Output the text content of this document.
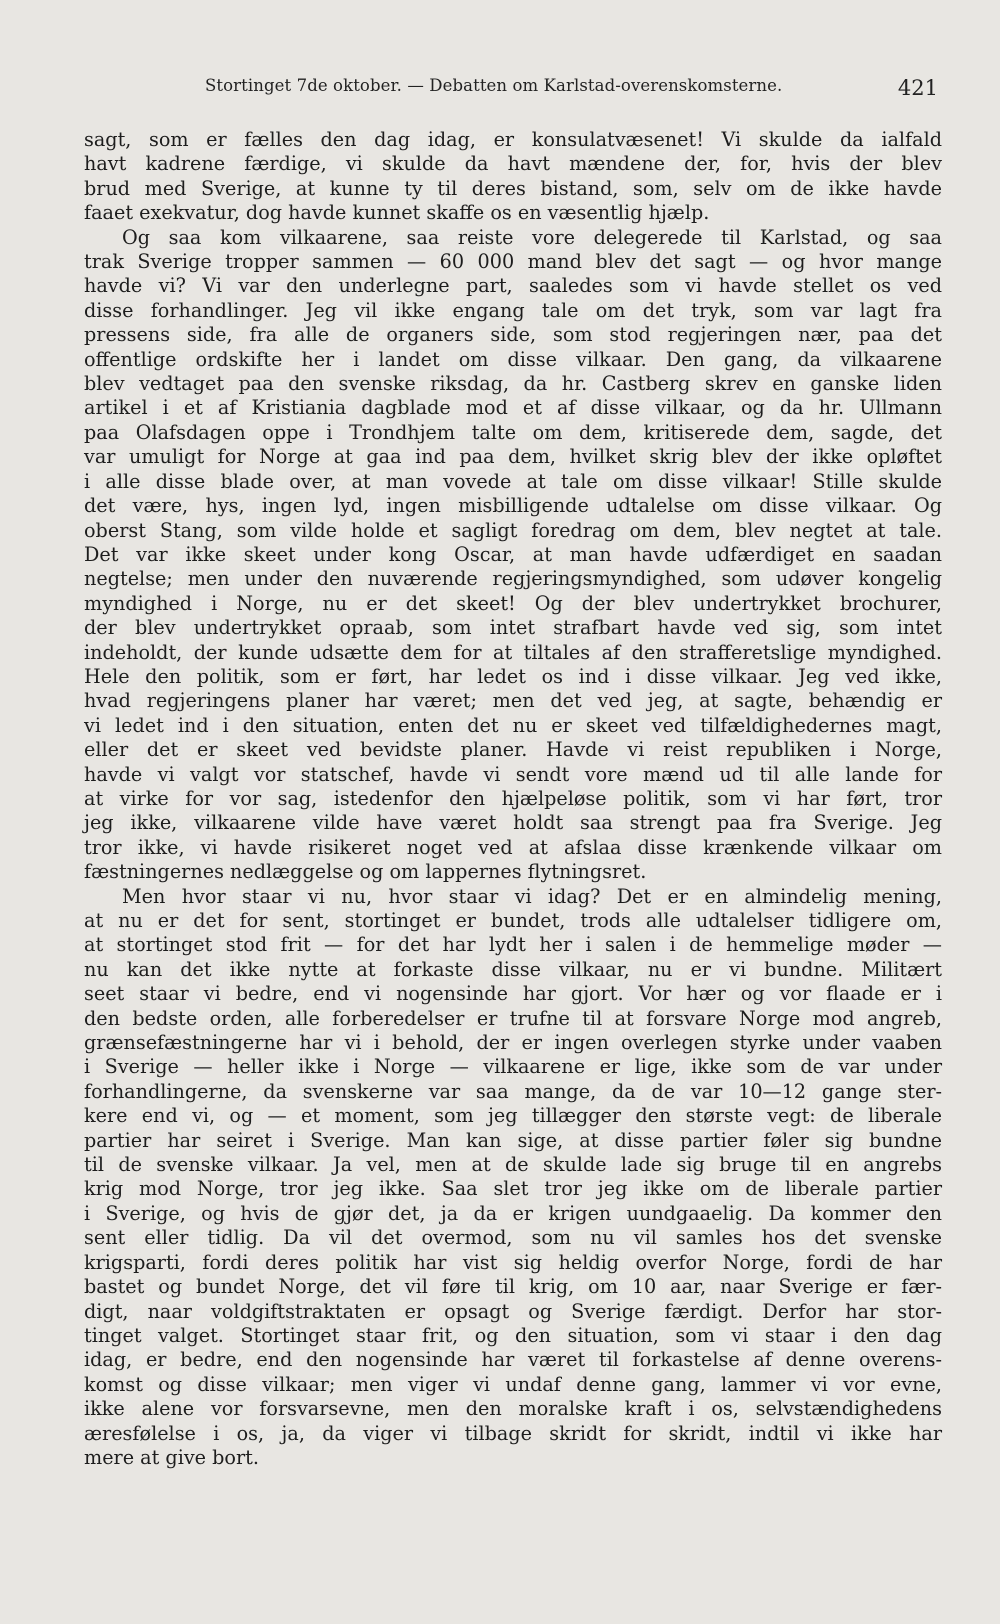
Stortinget 7de oktober. — Debatten om Karlstad-overenskomsterne.	421
sagt, som er fælles den dag idag, er konsulatvæsenet! Vi skulde da ialfald
havt kadrene færdige, vi skulde da havt mændene der, for, hvis der blev
brud med Sverige, at kunne ty til deres bistand, som, selv om de ikke havde
faaet exekvatur, dog havde kunnet skaffe os en væsentlig hjælp.
Og saa kom vilkaarene, saa reiste vore delegerede til Karlstad, og saa
trak Sverige tropper sammen — 60 000 mand blev det sagt — og hvor mange
havde vi? Vi var den underlegne part, saaledes som vi havde stellet os ved
disse forhandlinger. Jeg vil ikke engang tale om det tryk, som var lagt fra
pressens side, fra alle de organers side, som stod regjeringen nær, paa det
offentlige ordskifte her i landet om disse vilkaar. Den gang, da vilkaarene
blev vedtaget paa den svenske riksdag, da hr. Castberg skrev en ganske liden
artikel i et af Kristiania dagblade mod et af disse vilkaar, og da hr. Ullmann
paa Olafsdagen oppe i Trondhjem talte om dem, kritiserede dem, sagde, det
var umuligt for Norge at gaa ind paa dem, hvilket skrig blev der ikke opløftet
i alle disse blade over, at man vovede at tale om disse vilkaar! Stille skulde
det være, hys, ingen lyd, ingen misbilligende udtalelse om disse vilkaar. Og
oberst Stang, som vilde holde et sagligt foredrag om dem, blev negtet at tale.
Det var ikke skeet under kong Oscar, at man havde udfærdiget en saadan
negtelse; men under den nuværende regjeringsmyndighed, som udøver kongelig
myndighed i Norge, nu er det skeet! Og der blev undertrykket brochurer,
der blev undertrykket opraab, som intet strafbart havde ved sig, som intet
indeholdt, der kunde udsætte dem for at tiltales af den strafferetslige myndighed.
Hele den politik, som er ført, har ledet os ind i disse vilkaar. Jeg ved ikke,
hvad regjeringens planer har været; men det ved jeg, at sagte, behændig er
vi ledet ind i den situation, enten det nu er skeet ved tilfældighedernes magt,
eller det er skeet ved bevidste planer. Havde vi reist republiken i Norge,
havde vi valgt vor statschef, havde vi sendt vore mænd ud til alle lande for
at virke for vor sag, istedenfor den hjælpeløse politik, som vi har ført, tror
jeg ikke, vilkaarene vilde have været holdt saa strengt paa fra Sverige. Jeg
tror ikke, vi havde risikeret noget ved at afslaa disse krænkende vilkaar om
fæstningernes nedlæggelse og om lappernes flytningsret.
Men hvor staar vi nu, hvor staar vi idag? Det er en almindelig mening,
at nu er det for sent, stortinget er bundet, trods alle udtalelser tidligere om,
at stortinget stod frit — for det har lydt her i salen i de hemmelige møder —
nu kan det ikke nytte at forkaste disse vilkaar, nu er vi bundne. Militært
seet staar vi bedre, end vi nogensinde har gjort. Vor hær og vor flaade er i
den bedste orden, alle forberedelser er trufne til at forsvare Norge mod angreb,
grænsefæstningerne har vi i behold, der er ingen overlegen styrke under vaaben
i Sverige — heller ikke i Norge — vilkaarene er lige, ikke som de var under
forhandlingerne, da svenskerne var saa mange, da de var 10—12 gange ster-
kere end vi, og — et moment, som jeg tillægger den største vegt: de liberale
partier har seiret i Sverige. Man kan sige, at disse partier føler sig bundne
til de svenske vilkaar. Ja vel, men at de skulde lade sig bruge til en angrebs
krig mod Norge, tror jeg ikke. Saa slet tror jeg ikke om de liberale partier
i Sverige, og hvis de gjør det, ja da er krigen uundgaaelig. Da kommer den
sent eller tidlig. Da vil det overmod, som nu vil samles hos det svenske
krigsparti, fordi deres politik har vist sig heldig overfor Norge, fordi de har
bastet og bundet Norge, det vil føre til krig, om 10 aar, naar Sverige er fær-
digt, naar voldgiftstraktaten er opsagt og Sverige færdigt. Derfor har stor-
tinget valget. Stortinget staar frit, og den situation, som vi staar i den dag
idag, er bedre, end den nogensinde har været til forkastelse af denne overens-
komst og disse vilkaar; men viger vi undaf denne gang, lammer vi vor evne,
ikke alene vor forsvarsevne, men den moralske kraft i os, selvstændighedens
æresfølelse i os, ja, da viger vi tilbage skridt for skridt, indtil vi ikke har
mere at give bort.
